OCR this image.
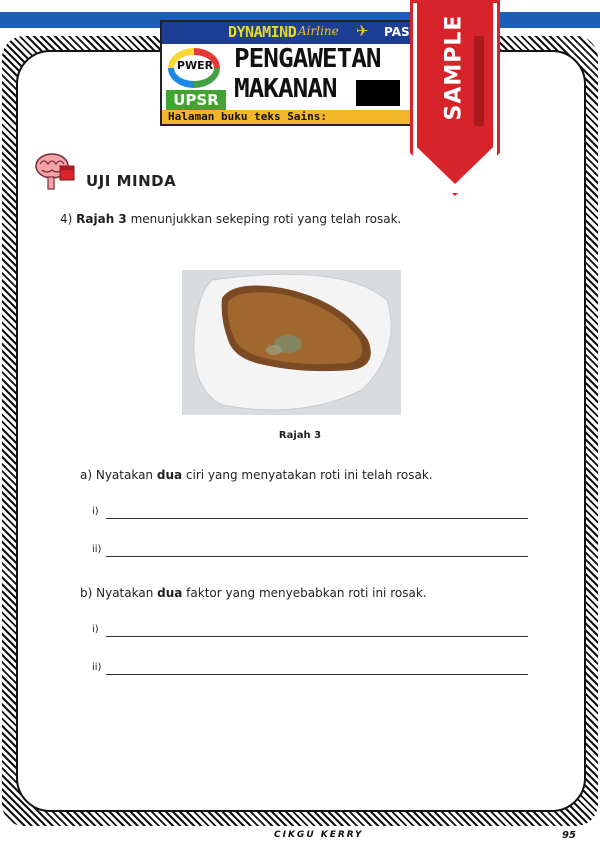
DYNAMIND Airline ✈ PAS
PWER
UPSR
PENGAWETAN
MAKANAN
Halaman buku teks Sains:	SAMPLE
UJI MINDA
4) Rajah 3 menunjukkan sekeping roti yang telah rosak.
Rajah 3
a) Nyatakan dua ciri yang menyatakan roti ini telah rosak.
i)
ii)
b) Nyatakan dua faktor yang menyebabkan roti ini rosak.
i)
ii)
CIKGU KERRY	95
